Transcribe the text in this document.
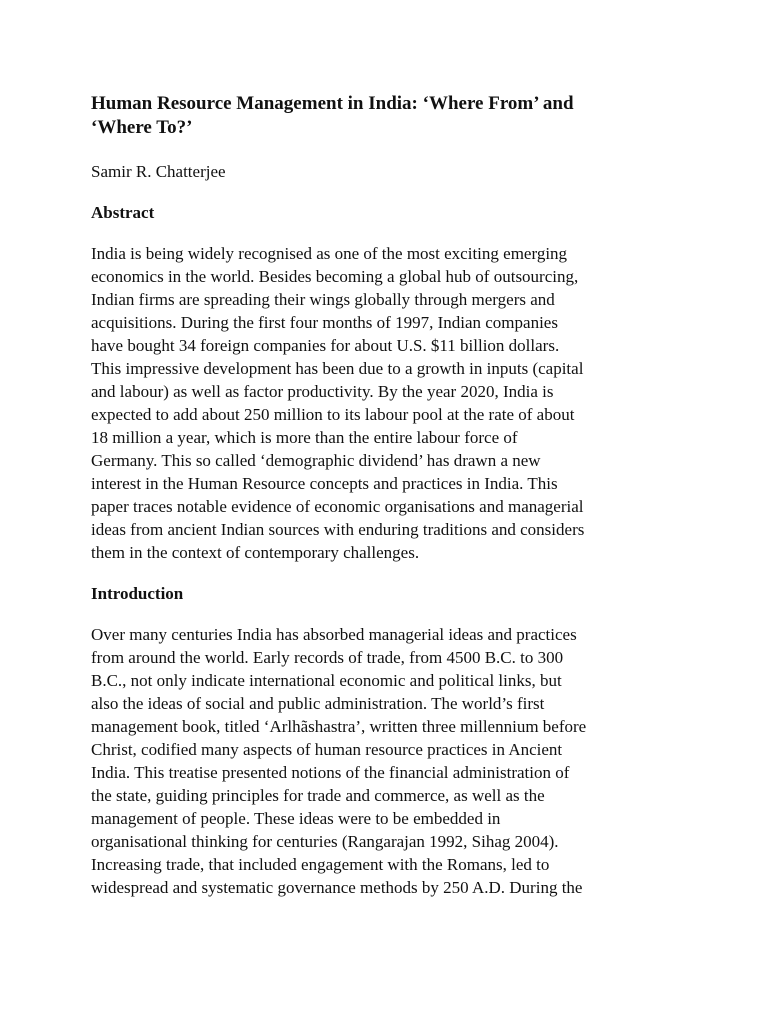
Human Resource Management in India: ‘Where From’ and
‘Where To?’

Samir R. Chatterjee

Abstract

India is being widely recognised as one of the most exciting emerging
economics in the world. Besides becoming a global hub of outsourcing,
Indian firms are spreading their wings globally through mergers and
acquisitions. During the first four months of 1997, Indian companies
have bought 34 foreign companies for about U.S. $11 billion dollars.
This impressive development has been due to a growth in inputs (capital
and labour) as well as factor productivity. By the year 2020, India is
expected to add about 250 million to its labour pool at the rate of about
18 million a year, which is more than the entire labour force of
Germany. This so called ‘demographic dividend’ has drawn a new
interest in the Human Resource concepts and practices in India. This
paper traces notable evidence of economic organisations and managerial
ideas from ancient Indian sources with enduring traditions and considers
them in the context of contemporary challenges.

Introduction

Over many centuries India has absorbed managerial ideas and practices
from around the world. Early records of trade, from 4500 B.C. to 300
B.C., not only indicate international economic and political links, but
also the ideas of social and public administration. The world’s first
management book, titled ‘Arlhãshastra’, written three millennium before
Christ, codified many aspects of human resource practices in Ancient
India. This treatise presented notions of the financial administration of
the state, guiding principles for trade and commerce, as well as the
management of people. These ideas were to be embedded in
organisational thinking for centuries (Rangarajan 1992, Sihag 2004).
Increasing trade, that included engagement with the Romans, led to
widespread and systematic governance methods by 250 A.D. During the
